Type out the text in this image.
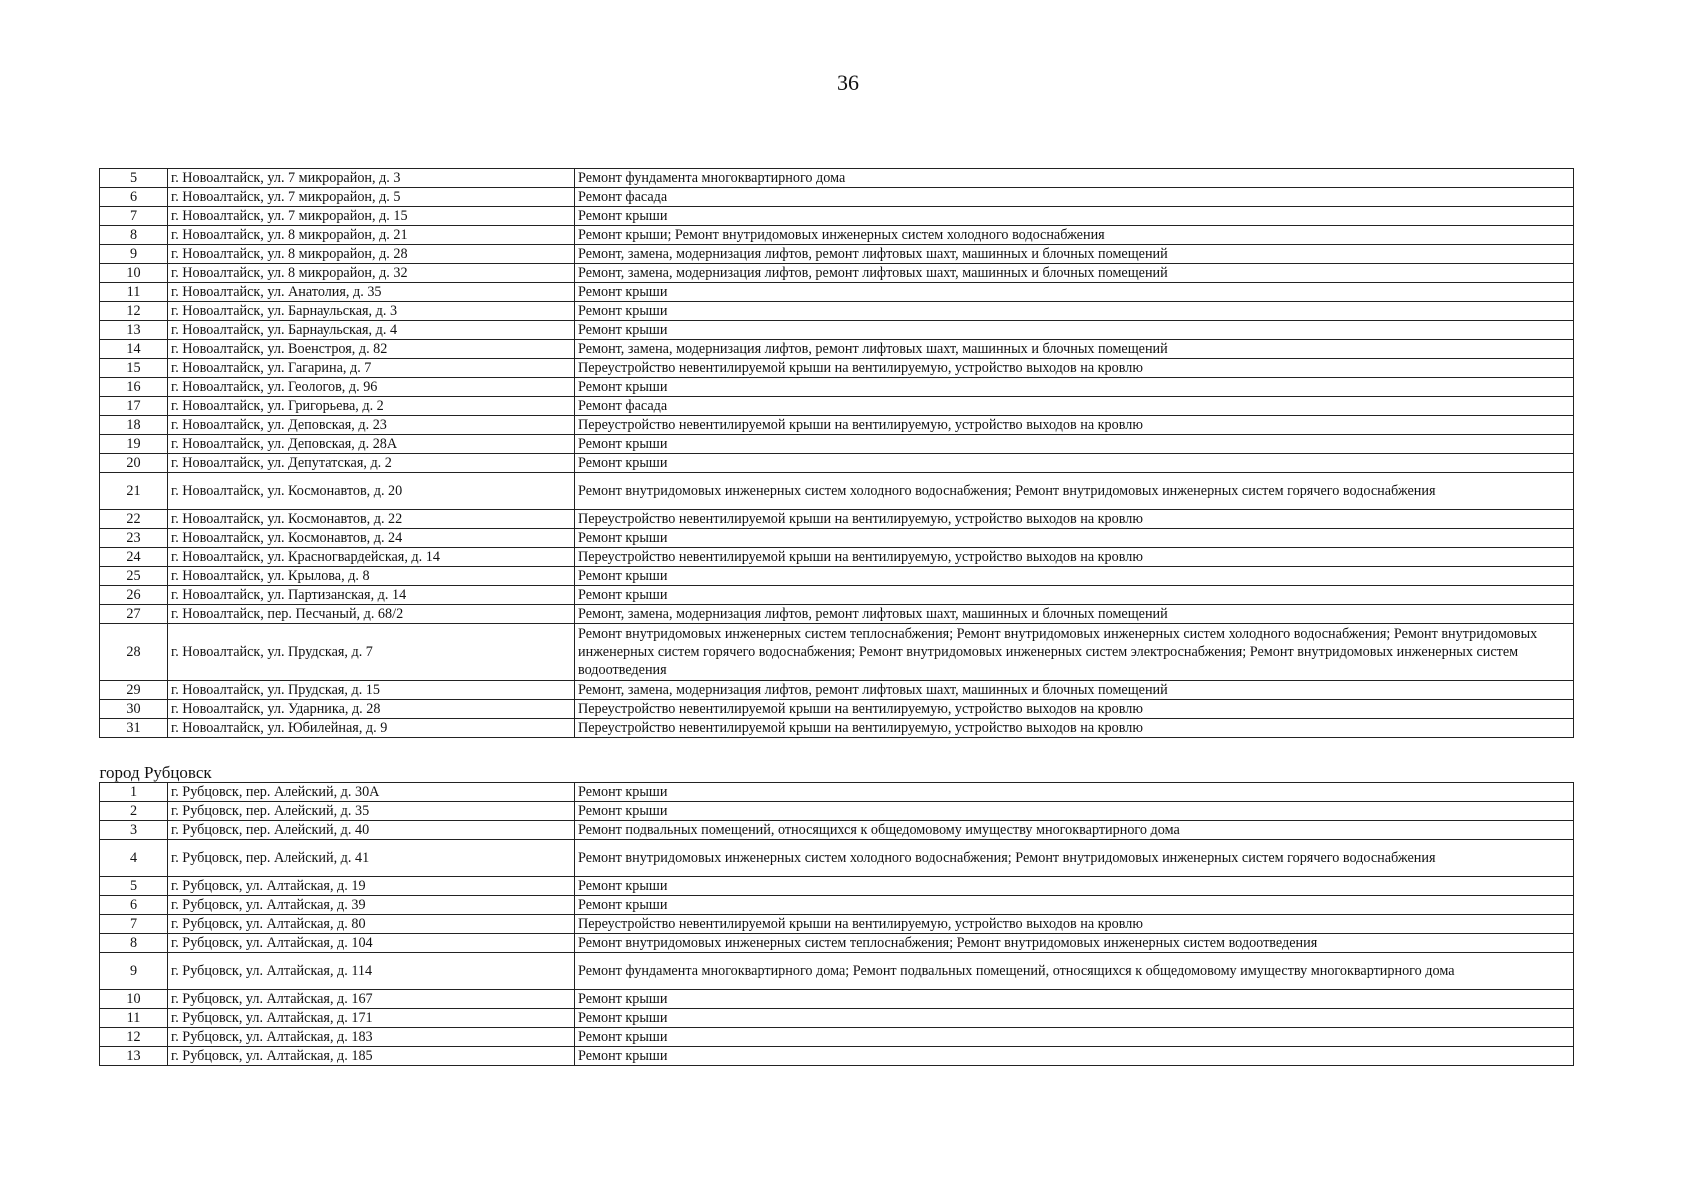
36
5	г. Новоалтайск, ул. 7 микрорайон, д. 3	Ремонт фундамента многоквартирного дома
6	г. Новоалтайск, ул. 7 микрорайон, д. 5	Ремонт фасада
7	г. Новоалтайск, ул. 7 микрорайон, д. 15	Ремонт крыши
8	г. Новоалтайск, ул. 8 микрорайон, д. 21	Ремонт крыши; Ремонт внутридомовых инженерных систем холодного водоснабжения
9	г. Новоалтайск, ул. 8 микрорайон, д. 28	Ремонт, замена, модернизация лифтов, ремонт лифтовых шахт, машинных и блочных помещений
10	г. Новоалтайск, ул. 8 микрорайон, д. 32	Ремонт, замена, модернизация лифтов, ремонт лифтовых шахт, машинных и блочных помещений
11	г. Новоалтайск, ул. Анатолия, д. 35	Ремонт крыши
12	г. Новоалтайск, ул. Барнаульская, д. 3	Ремонт крыши
13	г. Новоалтайск, ул. Барнаульская, д. 4	Ремонт крыши
14	г. Новоалтайск, ул. Военстроя, д. 82	Ремонт, замена, модернизация лифтов, ремонт лифтовых шахт, машинных и блочных помещений
15	г. Новоалтайск, ул. Гагарина, д. 7	Переустройство невентилируемой крыши на вентилируемую, устройство выходов на кровлю
16	г. Новоалтайск, ул. Геологов, д. 96	Ремонт крыши
17	г. Новоалтайск, ул. Григорьева, д. 2	Ремонт фасада
18	г. Новоалтайск, ул. Деповская, д. 23	Переустройство невентилируемой крыши на вентилируемую, устройство выходов на кровлю
19	г. Новоалтайск, ул. Деповская, д. 28А	Ремонт крыши
20	г. Новоалтайск, ул. Депутатская, д. 2	Ремонт крыши
21	г. Новоалтайск, ул. Космонавтов, д. 20	Ремонт внутридомовых инженерных систем холодного водоснабжения; Ремонт внутридомовых инженерных систем горячего водоснабжения
22	г. Новоалтайск, ул. Космонавтов, д. 22	Переустройство невентилируемой крыши на вентилируемую, устройство выходов на кровлю
23	г. Новоалтайск, ул. Космонавтов, д. 24	Ремонт крыши
24	г. Новоалтайск, ул. Красногвардейская, д. 14	Переустройство невентилируемой крыши на вентилируемую, устройство выходов на кровлю
25	г. Новоалтайск, ул. Крылова, д. 8	Ремонт крыши
26	г. Новоалтайск, ул. Партизанская, д. 14	Ремонт крыши
27	г. Новоалтайск, пер. Песчаный, д. 68/2	Ремонт, замена, модернизация лифтов, ремонт лифтовых шахт, машинных и блочных помещений
28	г. Новоалтайск, ул. Прудская, д. 7	Ремонт внутридомовых инженерных систем теплоснабжения; Ремонт внутридомовых инженерных систем холодного водоснабжения; Ремонт внутридомовых инженерных систем горячего водоснабжения; Ремонт внутридомовых инженерных систем электроснабжения; Ремонт внутридомовых инженерных систем водоотведения
29	г. Новоалтайск, ул. Прудская, д. 15	Ремонт, замена, модернизация лифтов, ремонт лифтовых шахт, машинных и блочных помещений
30	г. Новоалтайск, ул. Ударника, д. 28	Переустройство невентилируемой крыши на вентилируемую, устройство выходов на кровлю
31	г. Новоалтайск, ул. Юбилейная, д. 9	Переустройство невентилируемой крыши на вентилируемую, устройство выходов на кровлю

город Рубцовск		
1	г. Рубцовск, пер. Алейский, д. 30А	Ремонт крыши
2	г. Рубцовск, пер. Алейский, д. 35	Ремонт крыши
3	г. Рубцовск, пер. Алейский, д. 40	Ремонт подвальных помещений, относящихся к общедомовому имуществу многоквартирного дома
4	г. Рубцовск, пер. Алейский, д. 41	Ремонт внутридомовых инженерных систем холодного водоснабжения; Ремонт внутридомовых инженерных систем горячего водоснабжения
5	г. Рубцовск, ул. Алтайская, д. 19	Ремонт крыши
6	г. Рубцовск, ул. Алтайская, д. 39	Ремонт крыши
7	г. Рубцовск, ул. Алтайская, д. 80	Переустройство невентилируемой крыши на вентилируемую, устройство выходов на кровлю
8	г. Рубцовск, ул. Алтайская, д. 104	Ремонт внутридомовых инженерных систем теплоснабжения; Ремонт внутридомовых инженерных систем водоотведения
9	г. Рубцовск, ул. Алтайская, д. 114	Ремонт фундамента многоквартирного дома; Ремонт подвальных помещений, относящихся к общедомовому имуществу многоквартирного дома
10	г. Рубцовск, ул. Алтайская, д. 167	Ремонт крыши
11	г. Рубцовск, ул. Алтайская, д. 171	Ремонт крыши
12	г. Рубцовск, ул. Алтайская, д. 183	Ремонт крыши
13	г. Рубцовск, ул. Алтайская, д. 185	Ремонт крыши
